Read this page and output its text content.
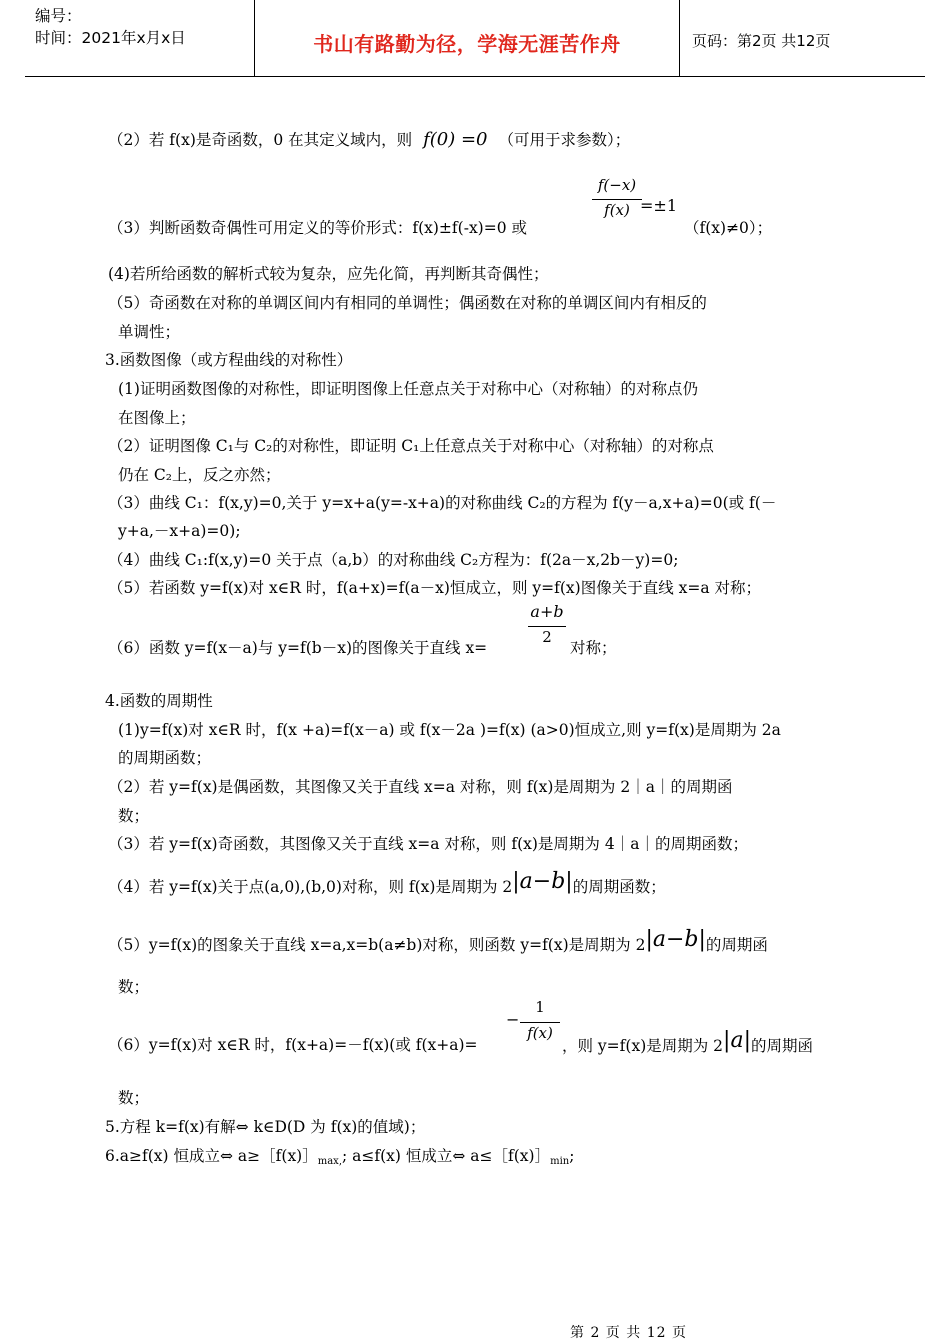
编号：
时间：2021年x月x日	书山有路勤为径，学海无涯苦作舟	页码：第2页 共12页
（2）若 f(x)是奇函数，0 在其定义域内，则 f(0) =0 （可用于求参数）；
（3）判断函数奇偶性可用定义的等价形式：f(x)±f(-x)=0 或
f(−x)
f(x) =±1
（f(x)≠0）；
(4)若所给函数的解析式较为复杂，应先化简，再判断其奇偶性；
（5）奇函数在对称的单调区间内有相同的单调性；偶函数在对称的单调区间内有相反的
单调性；
3.函数图像（或方程曲线的对称性）
(1)证明函数图像的对称性，即证明图像上任意点关于对称中心（对称轴）的对称点仍
在图像上；
（2）证明图像 C₁与 C₂的对称性，即证明 C₁上任意点关于对称中心（对称轴）的对称点
仍在 C₂上，反之亦然；
（3）曲线 C₁：f(x,y)=0,关于 y=x+a(y=-x+a)的对称曲线 C₂的方程为 f(y－a,x+a)=0(或 f(－
y+a,－x+a)=0);
（4）曲线 C₁:f(x,y)=0 关于点（a,b）的对称曲线 C₂方程为：f(2a－x,2b－y)=0;
（5）若函数 y=f(x)对 x∈R 时，f(a+x)=f(a－x)恒成立，则 y=f(x)图像关于直线 x=a 对称；
（6）函数 y=f(x－a)与 y=f(b－x)的图像关于直线 x=
a+b
2
对称；
4.函数的周期性
(1)y=f(x)对 x∈R 时，f(x +a)=f(x－a) 或 f(x－2a )=f(x) (a>0)恒成立,则 y=f(x)是周期为 2a
的周期函数；
（2）若 y=f(x)是偶函数，其图像又关于直线 x=a 对称，则 f(x)是周期为 2｜a｜的周期函
数；
（3）若 y=f(x)奇函数，其图像又关于直线 x=a 对称，则 f(x)是周期为 4｜a｜的周期函数；
（4）若 y=f(x)关于点(a,0),(b,0)对称，则 f(x)是周期为 2|a−b|的周期函数；
（5）y=f(x)的图象关于直线 x=a,x=b(a≠b)对称，则函数 y=f(x)是周期为 2|a−b|的周期函
数；
（6）y=f(x)对 x∈R 时，f(x+a)=－f(x)(或 f(x+a)=
−
1
f(x)
，则 y=f(x)是周期为 2|a|的周期函
数；
5.方程 k=f(x)有解⇔ k∈D(D 为 f(x)的值域)；
6.a≥f(x) 恒成立⇔ $a\ge[f(x)]_{max,}$; a≤f(x) 恒成立⇔ $a\le[f(x)]_{min}$;
第 2 页 共 12 页
